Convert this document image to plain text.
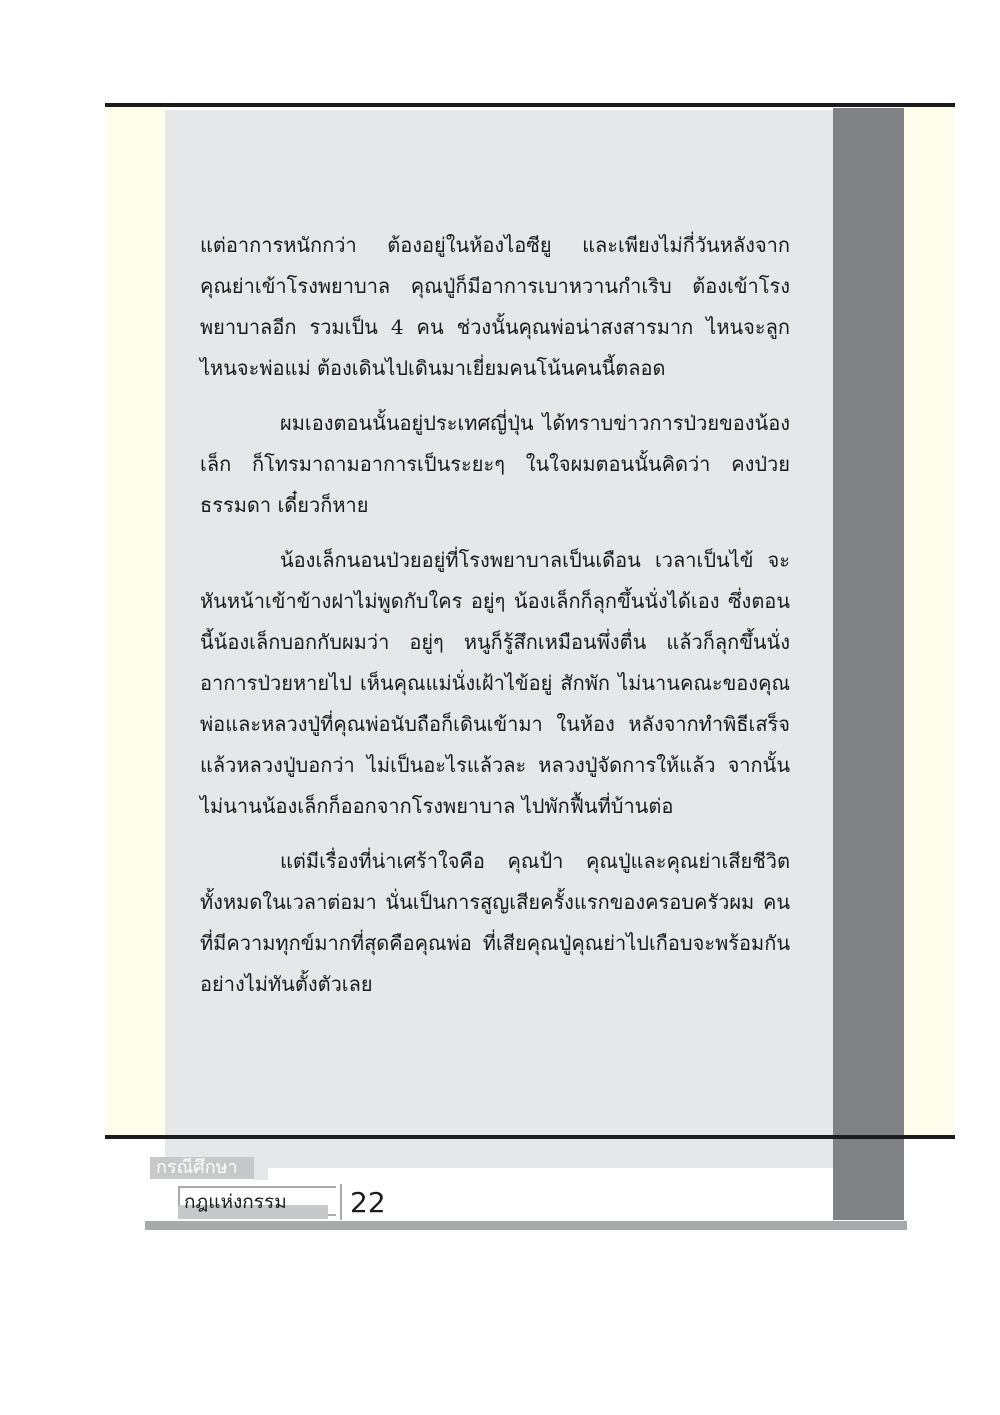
แต่อาการหนักกว่า ต้องอยู่ในห้องไอซียู และเพียงไม่กี่วันหลังจากคุณย่าเข้าโรงพยาบาล คุณปู่ก็มีอาการเบาหวานกำเริบ ต้องเข้าโรงพยาบาลอีก รวมเป็น 4 คน ช่วงนั้นคุณพ่อน่าสงสารมาก ไหนจะลูก ไหนจะพ่อแม่ ต้องเดินไปเดินมาเยี่ยมคนโน้นคนนี้ตลอด

ผมเองตอนนั้นอยู่ประเทศญี่ปุ่น ได้ทราบข่าวการป่วยของน้องเล็ก ก็โทรมาถามอาการเป็นระยะๆ ในใจผมตอนนั้นคิดว่า คงป่วยธรรมดา เดี๋ยวก็หาย

น้องเล็กนอนป่วยอยู่ที่โรงพยาบาลเป็นเดือน เวลาเป็นไข้ จะหันหน้าเข้าข้างฝาไม่พูดกับใคร อยู่ๆ น้องเล็กก็ลุกขึ้นนั่งได้เอง ซึ่งตอนนี้น้องเล็กบอกกับผมว่า อยู่ๆ หนูก็รู้สึกเหมือนพึ่งตื่น แล้วก็ลุกขึ้นนั่ง อาการป่วยหายไป เห็นคุณแม่นั่งเฝ้าไข้อยู่ สักพัก ไม่นานคณะของคุณพ่อและหลวงปู่ที่คุณพ่อนับถือก็เดินเข้ามา ในห้อง หลังจากทำพิธีเสร็จแล้วหลวงปู่บอกว่า ไม่เป็นอะไรแล้วละ หลวงปู่จัดการให้แล้ว จากนั้นไม่นานน้องเล็กก็ออกจากโรงพยาบาล ไปพักฟื้นที่บ้านต่อ

แต่มีเรื่องที่น่าเศร้าใจคือ คุณป้า คุณปู่และคุณย่าเสียชีวิต ทั้งหมดในเวลาต่อมา นั่นเป็นการสูญเสียครั้งแรกของครอบครัวผม คนที่มีความทุกข์มากที่สุดคือคุณพ่อ ที่เสียคุณปู่คุณย่าไปเกือบจะพร้อมกัน อย่างไม่ทันตั้งตัวเลย

กรณีศึกษา
กฎแห่งกรรม	22
